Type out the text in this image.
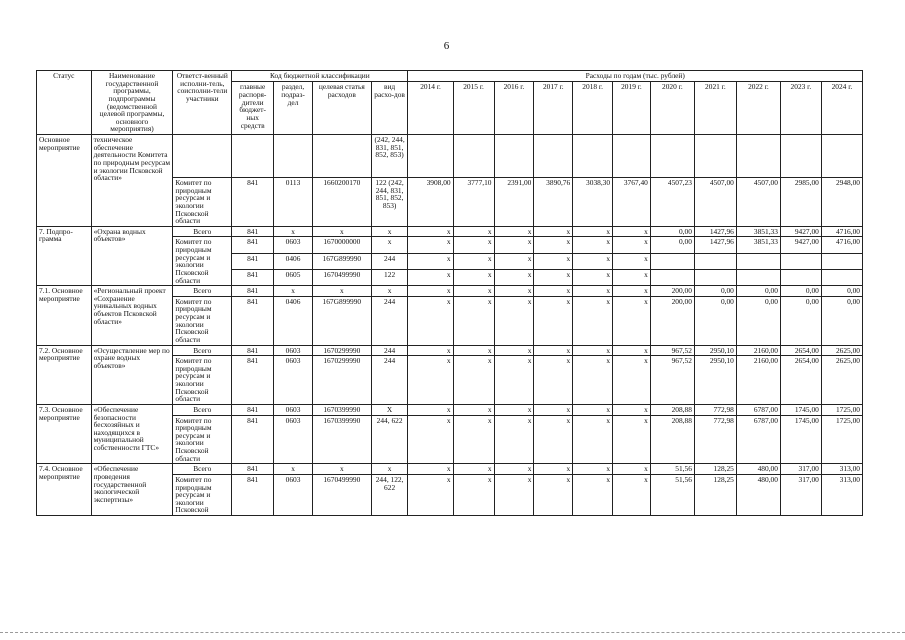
6
Статус	Наименование государственной программы, подпрограммы (ведомственной целевой программы, основного мероприятия)	Ответст-венный исполни-тель, соисполни-тели участники	Код бюджетной классификации				Расходы по годам (тыс. рублей)										
			главные распоря-дители бюджет-ных средств	раздел, подраз-дел	целевая статья расходов	вид расхо-дов	2014 г.	2015 г.	2016 г.	2017 г.	2018 г.	2019 г.	2020 г.	2021 г.	2022 г.	2023 г.	2024 г.
Основное мероприятие	техническое обеспечение деятельности Комитета по природным ресурсам и экологии Псковской области»					(242, 244, 831, 851, 852, 853)											
		Комитет по природным ресурсам и экологии Псковской области	841	0113	1660200170	122 (242, 244, 831, 851, 852, 853)	3908,00	3777,10	2391,00	3890,76	3038,30	3767,40	4507,23	4507,00	4507,00	2985,00	2948,00
7. Подпро-грамма	«Охрана водных объектов»	Всего	841	x	x	x	x	x	x	x	x	x	0,00	1427,96	3851,33	9427,00	4716,00
		Комитет по природным ресурсам и экологии Псковской области	841	0603	1670000000	x	x	x	x	x	x	x	0,00	1427,96	3851,33	9427,00	4716,00
			841	0406	167G899990	244	x	x	x	x	x	x					
			841	0605	1670499990	122	x	x	x	x	x	x					
7.1. Основное мероприятие	«Региональный проект «Сохранение уникальных водных объектов Псковской области»	Всего	841	x	x	x	x	x	x	x	x	x	200,00	0,00	0,00	0,00	0,00
		Комитет по природным ресурсам и экологии Псковской области	841	0406	167G899990	244	x	x	x	x	x	x	200,00	0,00	0,00	0,00	0,00
7.2. Основное мероприятие	«Осуществление мер по охране водных объектов»	Всего	841	0603	1670299990	244	x	x	x	x	x	x	967,52	2950,10	2160,00	2654,00	2625,00
		Комитет по природным ресурсам и экологии Псковской области	841	0603	1670299990	244	x	x	x	x	x	x	967,52	2950,10	2160,00	2654,00	2625,00
7.3. Основное мероприятие	«Обеспечение безопасности бесхозяйных и находящихся в муниципальной собственности ГТС»	Всего	841	0603	1670399990	X	x	x	x	x	x	x	208,88	772,98	6787,00	1745,00	1725,00
		Комитет по природным ресурсам и экологии Псковской области	841	0603	1670399990	244, 622	x	x	x	x	x	x	208,88	772,98	6787,00	1745,00	1725,00
7.4. Основное мероприятие	«Обеспечение проведения государственной экологической экспертизы»	Всего	841	x	x	x	x	x	x	x	x	x	51,56	128,25	480,00	317,00	313,00
		Комитет по природным ресурсам и экологии Псковской	841	0603	1670499990	244, 122, 622	x	x	x	x	x	x	51,56	128,25	480,00	317,00	313,00
